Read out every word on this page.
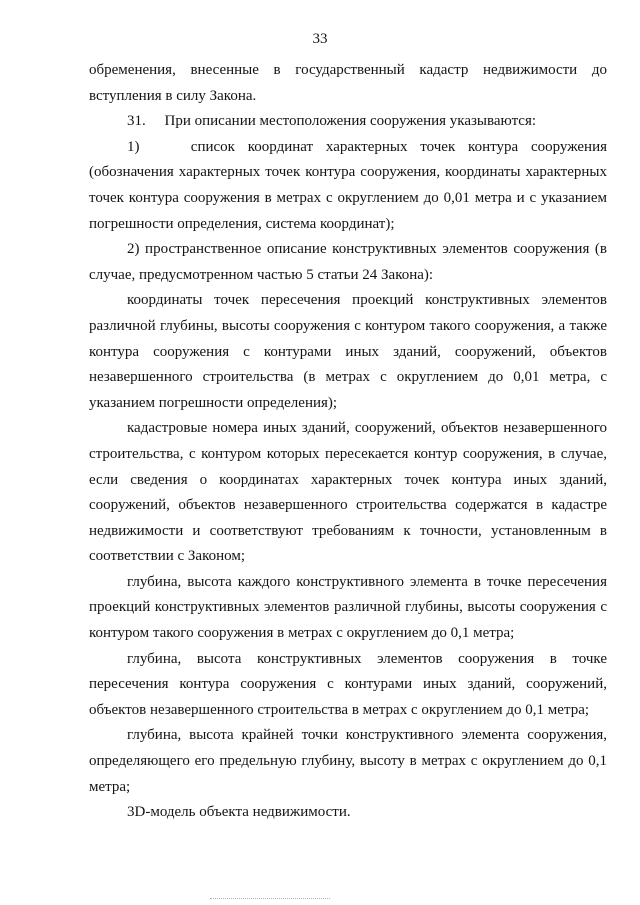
33

обременения, внесенные в государственный кадастр недвижимости до вступления в силу Закона.

31.     При описании местоположения сооружения указываются:

1)    список координат характерных точек контура сооружения (обозначения характерных точек контура сооружения, координаты характерных точек контура сооружения в метрах с округлением до 0,01 метра и с указанием погрешности определения, система координат);

2) пространственное описание конструктивных элементов сооружения (в случае, предусмотренном частью 5 статьи 24 Закона):

координаты точек пересечения проекций конструктивных элементов различной глубины, высоты сооружения с контуром такого сооружения, а также контура сооружения с контурами иных зданий, сооружений, объектов незавершенного строительства (в метрах с округлением до 0,01 метра, с указанием погрешности определения);

кадастровые номера иных зданий, сооружений, объектов незавершенного строительства, с контуром которых пересекается контур сооружения, в случае, если сведения о координатах характерных точек контура иных зданий, сооружений, объектов незавершенного строительства содержатся в кадастре недвижимости и соответствуют требованиям к точности, установленным в соответствии с Законом;

глубина, высота каждого конструктивного элемента в точке пересечения проекций конструктивных элементов различной глубины, высоты сооружения с контуром такого сооружения в метрах с округлением до 0,1 метра;

глубина, высота конструктивных элементов сооружения в точке пересечения контура сооружения с контурами иных зданий, сооружений, объектов незавершенного строительства в метрах с округлением до 0,1 метра;

глубина, высота крайней точки конструктивного элемента сооружения, определяющего его предельную глубину, высоту в метрах с округлением до 0,1 метра;

3D-модель объекта недвижимости.
